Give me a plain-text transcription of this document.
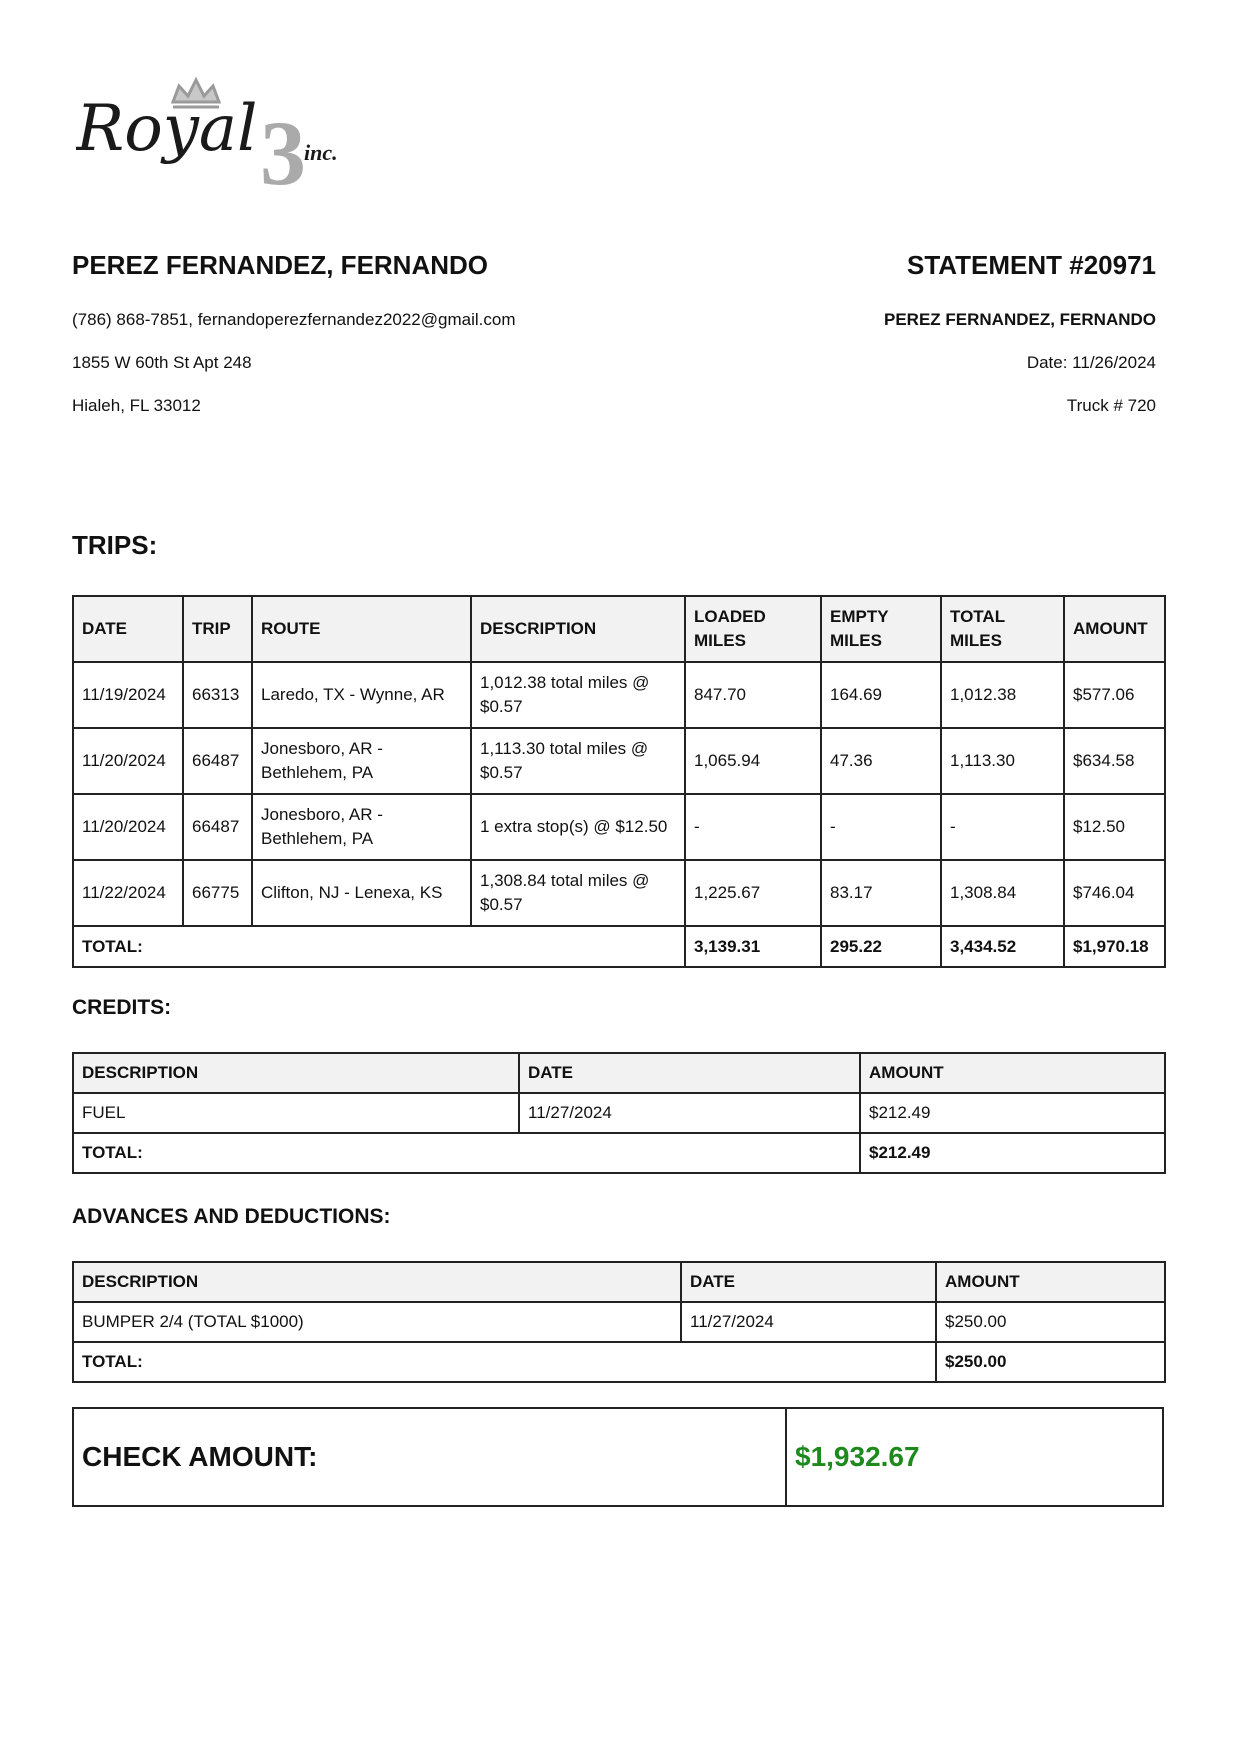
3
Royal inc.
PEREZ FERNANDEZ, FERNANDO	STATEMENT #20971
(786) 868-7851, fernandoperezfernandez2022@gmail.com
1855 W 60th St Apt 248
Hialeh, FL 33012
PEREZ FERNANDEZ, FERNANDO
Date: 11/26/2024
Truck # 720
TRIPS:
DATE	TRIP	ROUTE	DESCRIPTION	LOADED MILES	EMPTY MILES	TOTAL MILES	AMOUNT
11/19/2024	66313	Laredo, TX - Wynne, AR	1,012.38 total miles @ $0.57	847.70	164.69	1,012.38	$577.06
11/20/2024	66487	Jonesboro, AR - Bethlehem, PA	1,113.30 total miles @ $0.57	1,065.94	47.36	1,113.30	$634.58
11/20/2024	66487	Jonesboro, AR - Bethlehem, PA	1 extra stop(s) @ $12.50	-	-	-	$12.50
11/22/2024	66775	Clifton, NJ - Lenexa, KS	1,308.84 total miles @ $0.57	1,225.67	83.17	1,308.84	$746.04
TOTAL:				3,139.31	295.22	3,434.52	$1,970.18
CREDITS:
DESCRIPTION	DATE	AMOUNT
FUEL	11/27/2024	$212.49
TOTAL:		$212.49
ADVANCES AND DEDUCTIONS:
DESCRIPTION	DATE	AMOUNT
BUMPER 2/4 (TOTAL $1000)	11/27/2024	$250.00
TOTAL:		$250.00
CHECK AMOUNT:	$1,932.67
